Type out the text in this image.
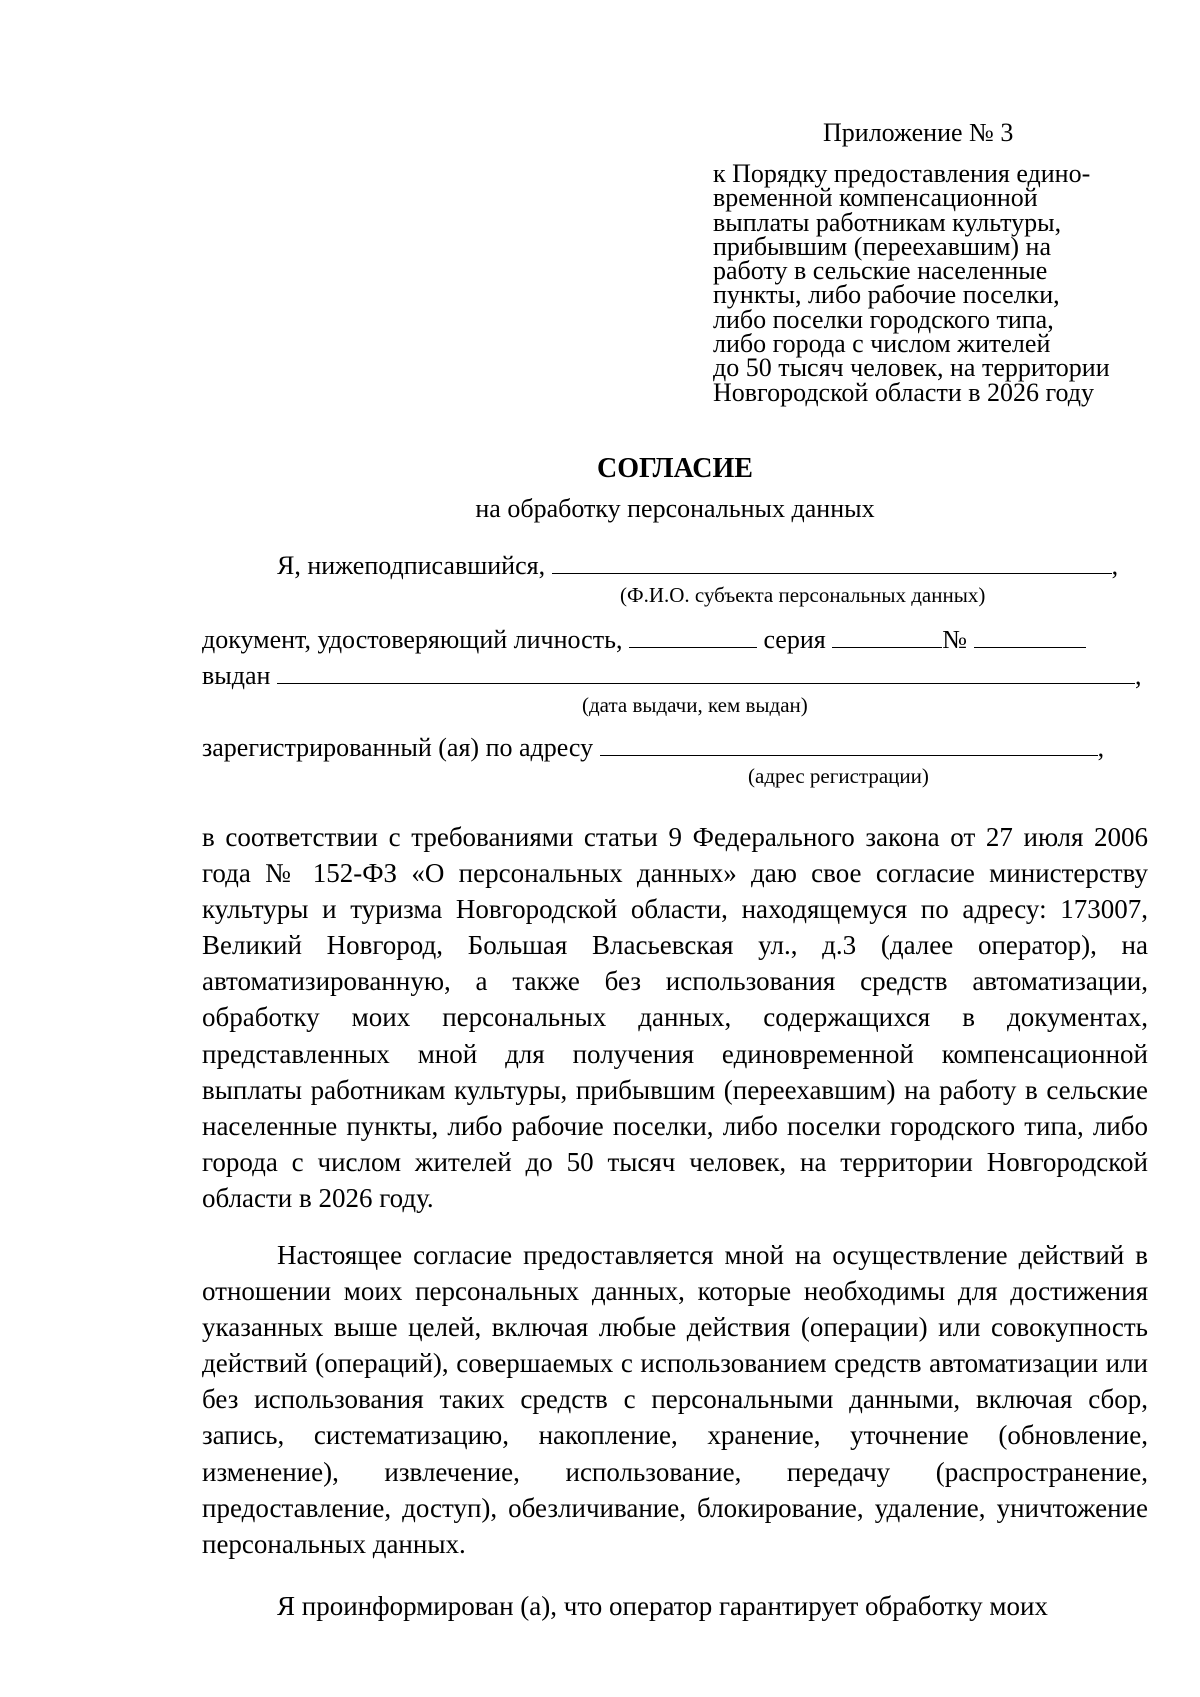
Приложение № 3
к Порядку предоставления едино-
временной компенсационной
выплаты работникам культуры,
прибывшим (переехавшим) на
работу в сельские населенные
пункты, либо рабочие поселки,
либо поселки городского типа,
либо города с числом жителей
до 50 тысяч человек, на территории
Новгородской области в 2026 году
СОГЛАСИЕ
на обработку персональных данных
Я, нижеподписавшийся,	,
(Ф.И.О. субъекта персональных данных)
документ, удостоверяющий личность,	серия	№
выдан	,
(дата выдачи, кем выдан)
зарегистрированный (ая) по адресу	,
(адрес регистрации)
в соответствии с требованиями статьи 9 Федерального закона от 27 июля 2006 года № 152-ФЗ «О персональных данных» даю свое согласие министерству культуры и туризма Новгородской области, находящемуся по адресу: 173007, Великий Новгород, Большая Власьевская ул., д.3 (далее оператор), на автоматизированную, а также без использования средств автоматизации, обработку моих персональных данных, содержащихся в документах, представленных мной для получения единовременной компенсационной выплаты работникам культуры, прибывшим (переехавшим) на работу в сельские населенные пункты, либо рабочие поселки, либо поселки городского типа, либо города с числом жителей до 50 тысяч человек, на территории Новгородской области в 2026 году.
Настоящее согласие предоставляется мной на осуществление действий в отношении моих персональных данных, которые необходимы для достижения указанных выше целей, включая любые действия (операции) или совокупность действий (операций), совершаемых с использованием средств автоматизации или без использования таких средств с персональными данными, включая сбор, запись, систематизацию, накопление, хранение, уточнение (обновление, изменение), извлечение, использование, передачу (распространение, предоставление, доступ), обезличивание, блокирование, удаление, уничтожение персональных данных.
Я проинформирован (а), что оператор гарантирует обработку моих
